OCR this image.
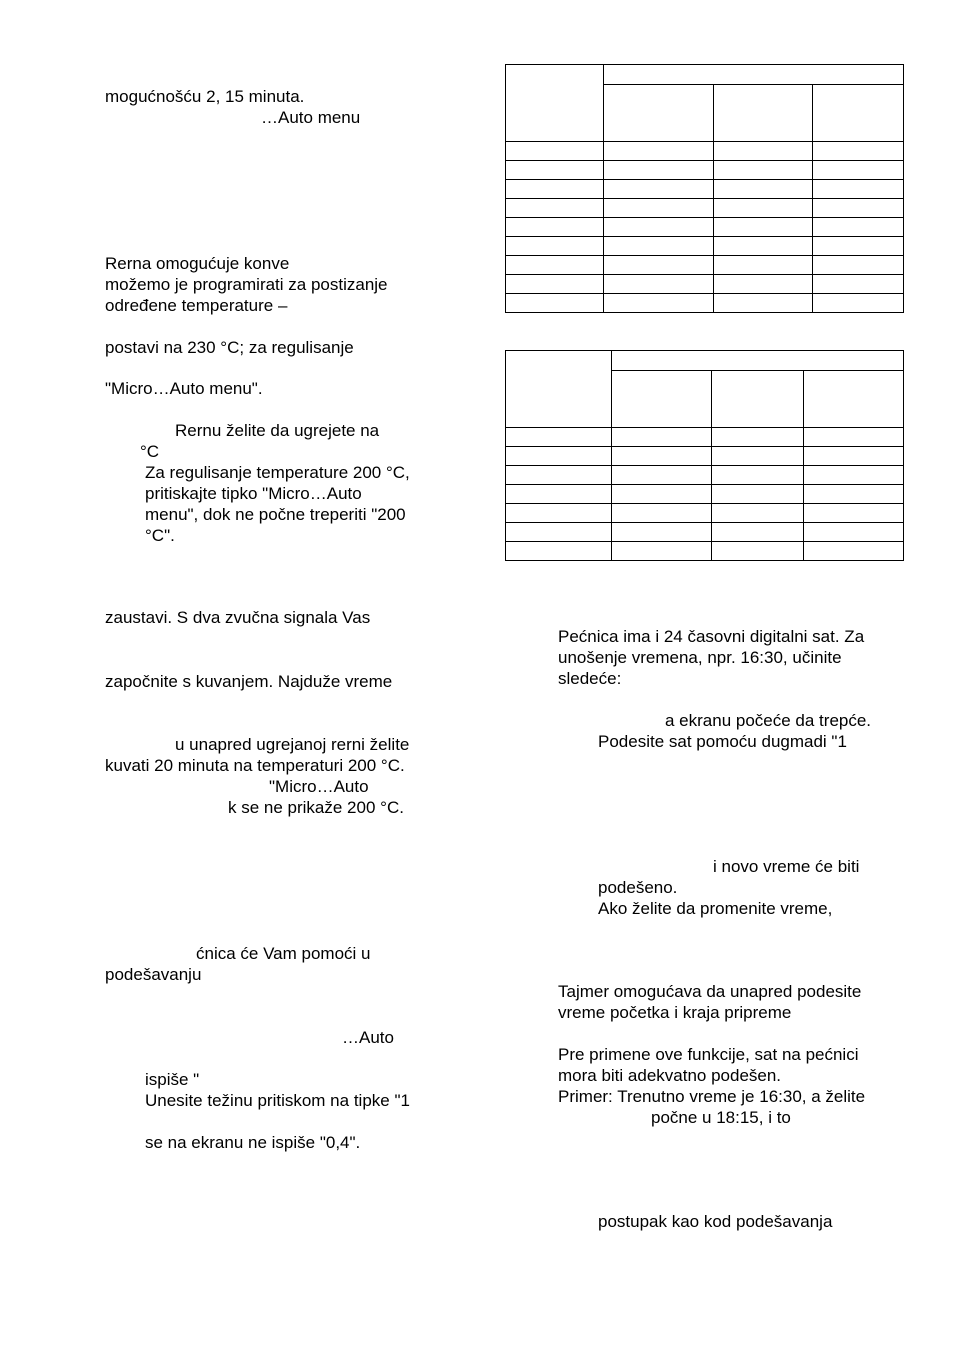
mogućnošću 2, 15 minuta.
…Auto menu
Rerna omogućuje konve
možemo je programirati za postizanje
određene temperature –
postavi na 230 °C; za regulisanje
"Micro…Auto menu".
Rernu želite da ugrejete na
°C
Za regulisanje temperature 200 °C,
pritiskajte tipko "Micro…Auto
menu", dok ne počne treperiti "200
°C".
zaustavi. S dva zvučna signala Vas
započnite s kuvanjem. Najduže vreme
u unapred ugrejanoj rerni želite
kuvati 20 minuta na temperaturi 200 °C.
"Micro…Auto
k se ne prikaže 200 °C.
ćnica će Vam pomoći u
podešavanju
…Auto
ispiše "
Unesite težinu pritiskom na tipke "1
se na ekranu ne ispiše "0,4".
Pećnica ima i 24 časovni digitalni sat. Za
unošenje vremena, npr. 16:30, učinite
sledeće:
a ekranu počeće da trepće.
Podesite sat pomoću dugmadi "1
i novo vreme će biti
podešeno.
Ako želite da promenite vreme,
Tajmer omogućava da unapred podesite
vreme početka i kraja pripreme
Pre primene ove funkcije, sat na pećnici
mora biti adekvatno podešen.
Primer: Trenutno vreme je 16:30, a želite
počne u 18:15, i to
postupak kao kod podešavanja
